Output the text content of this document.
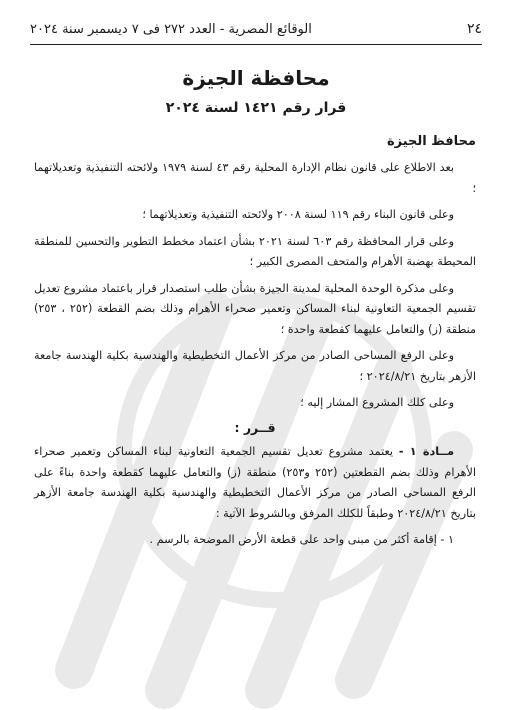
٢٤
الوقائع المصرية - العدد ٢٧٢ فى ٧ ديسمبر سنة ٢٠٢٤
محافظة الجيزة
قرار رقم ١٤٢١ لسنة ٢٠٢٤
محافظ الجيزة

بعد الاطلاع على قانون نظام الإدارة المحلية رقم ٤٣ لسنة ١٩٧٩ ولائحته التنفيذية وتعديلاتهما ؛

وعلى قانون البناء رقم ١١٩ لسنة ٢٠٠٨ ولائحته التنفيذية وتعديلاتهما ؛

وعلى قرار المحافظة رقم ٦٠٣ لسنة ٢٠٢١ بشأن اعتماد مخطط التطوير والتحسين للمنطقة المحيطة بهضبة الأهرام والمتحف المصرى الكبير ؛

وعلى مذكرة الوحدة المحلية لمدينة الجيزة بشأن طلب استصدار قرار باعتماد مشروع تعديل تقسيم الجمعية التعاونية لبناء المساكن وتعمير صحراء الأهرام وذلك بضم القطعة (٢٥٢ ، ٢٥٣) منطقة (ز) والتعامل عليهما كقطعة واحدة ؛

وعلى الرفع المساحى الصادر من مركز الأعمال التخطيطية والهندسية بكلية الهندسة جامعة الأزهر بتاريخ ٢٠٢٤/٨/٢١ ؛

وعلى كلك المشروع المشار إليه ؛

قــرر :

مــادة ١ - يعتمد مشروع تعديل تقسيم الجمعية التعاونية لبناء المساكن وتعمير صحراء الأهرام وذلك بضم القطعتين (٢٥٢ و٢٥٣) منطقة (ز) والتعامل عليهما كقطعة واحدة بناءً على الرفع المساحى الصادر من مركز الأعمال التخطيطية والهندسية بكلية الهندسة جامعة الأزهر بتاريخ ٢٠٢٤/٨/٢١ وطبقاً للكلك المرفق وبالشروط الآتية :

١ - إقامة أكثر من مبنى واحد على قطعة الأرض الموضحة بالرسم .
